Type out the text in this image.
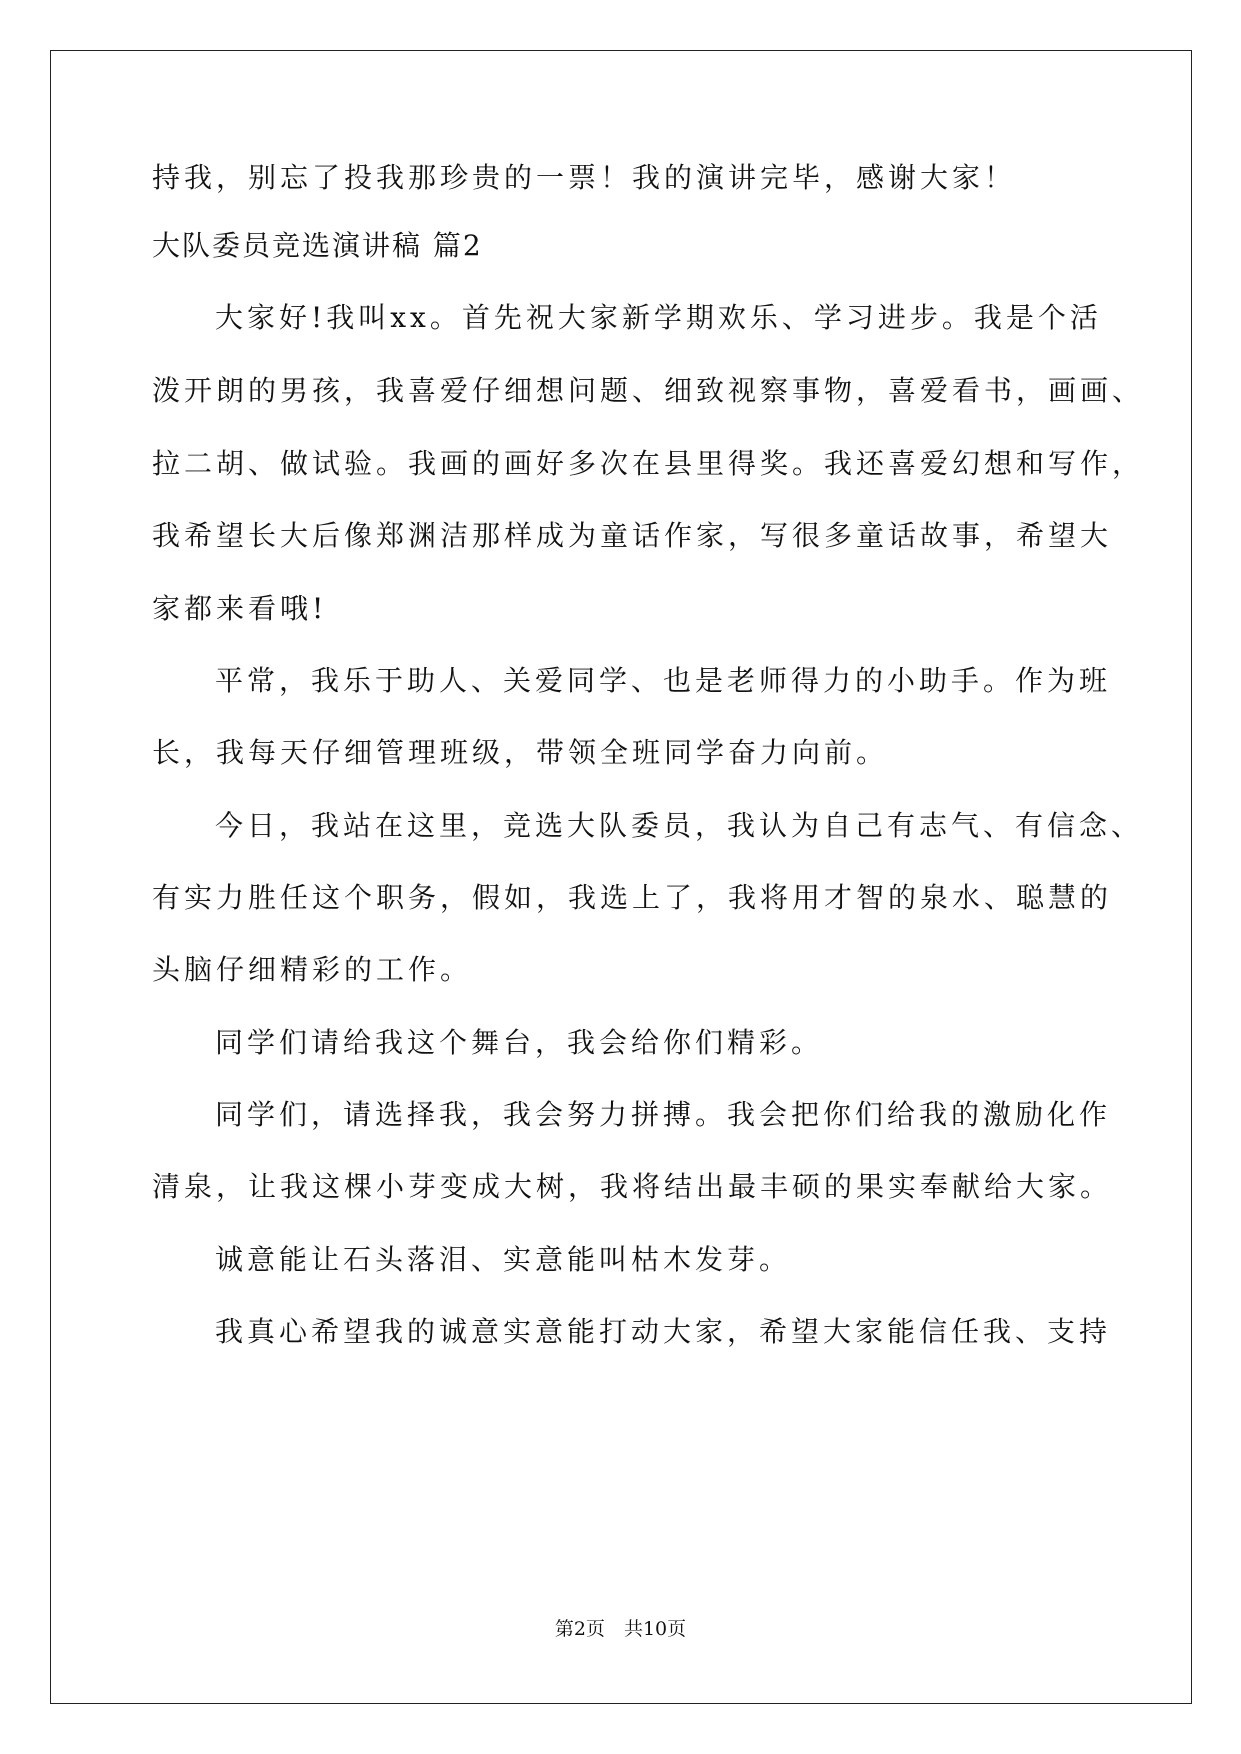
持我，别忘了投我那珍贵的一票！我的演讲完毕，感谢大家！
大队委员竞选演讲稿 篇2
大家好!我叫xx。首先祝大家新学期欢乐、学习进步。我是个活
泼开朗的男孩，我喜爱仔细想问题、细致视察事物，喜爱看书，画画、
拉二胡、做试验。我画的画好多次在县里得奖。我还喜爱幻想和写作，
我希望长大后像郑渊洁那样成为童话作家，写很多童话故事，希望大
家都来看哦!
平常，我乐于助人、关爱同学、也是老师得力的小助手。作为班
长，我每天仔细管理班级，带领全班同学奋力向前。
今日，我站在这里，竞选大队委员，我认为自己有志气、有信念、
有实力胜任这个职务，假如，我选上了，我将用才智的泉水、聪慧的
头脑仔细精彩的工作。
同学们请给我这个舞台，我会给你们精彩。
同学们，请选择我，我会努力拼搏。我会把你们给我的激励化作
清泉，让我这棵小芽变成大树，我将结出最丰硕的果实奉献给大家。
诚意能让石头落泪、实意能叫枯木发芽。
我真心希望我的诚意实意能打动大家，希望大家能信任我、支持
第2页　共10页
